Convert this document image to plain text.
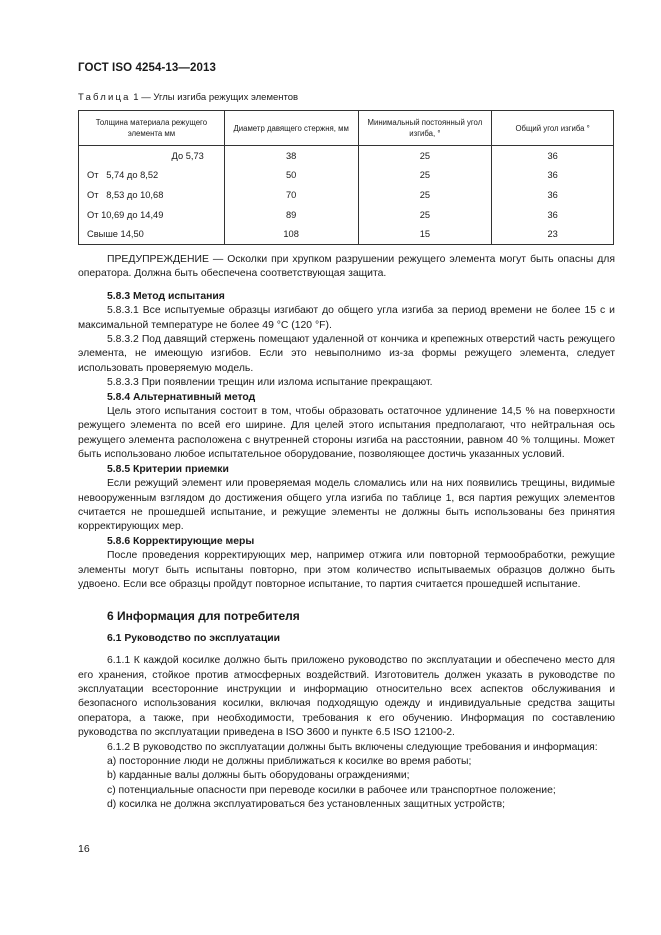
ГОСТ ISO 4254-13—2013
Таблица 1 — Углы изгиба режущих элементов
Толщина материала режущего элемента мм	Диаметр давящего стержня, мм	Минимальный постоянный угол изгиба, °	Общий угол изгиба °
До 5,73	38	25	36
От   5,74 до 8,52	50	25	36
От   8,53 до 10,68	70	25	36
От 10,69 до 14,49	89	25	36
Свыше 14,50	108	15	23

ПРЕДУПРЕЖДЕНИЕ — Осколки при хрупком разрушении режущего элемента могут быть опасны для оператора. Должна быть обеспечена соответствующая защита.

5.8.3 Метод испытания

5.8.3.1 Все испытуемые образцы изгибают до общего угла изгиба за период времени не более 15 с и максимальной температуре не более 49 °С (120 °F).

5.8.3.2 Под давящий стержень помещают удаленной от кончика и крепежных отверстий часть режущего элемента, не имеющую изгибов. Если это невыполнимо из-за формы режущего элемента, следует использовать проверяемую модель.

5.8.3.3 При появлении трещин или излома испытание прекращают.

5.8.4 Альтернативный метод

Цель этого испытания состоит в том, чтобы образовать остаточное удлинение 14,5 % на поверхности режущего элемента по всей его ширине. Для целей этого испытания предполагают, что нейтральная ось режущего элемента расположена с внутренней стороны изгиба на расстоянии, равном 40 % толщины. Может быть использовано любое испытательное оборудование, позволяющее достичь указанных условий.

5.8.5 Критерии приемки

Если режущий элемент или проверяемая модель сломались или на них появились трещины, видимые невооруженным взглядом до достижения общего угла изгиба по таблице 1, вся партия режущих элементов считается не прошедшей испытание, и режущие элементы не должны быть использованы без принятия корректирующих мер.

5.8.6 Корректирующие меры

После проведения корректирующих мер, например отжига или повторной термообработки, режущие элементы могут быть испытаны повторно, при этом количество испытываемых образцов должно быть удвоено. Если все образцы пройдут повторное испытание, то партия считается прошедшей испытание.

6 Информация для потребителя

6.1 Руководство по эксплуатации

6.1.1 К каждой косилке должно быть приложено руководство по эксплуатации и обеспечено место для его хранения, стойкое против атмосферных воздействий. Изготовитель должен указать в руководстве по эксплуатации всесторонние инструкции и информацию относительно всех аспектов обслуживания и безопасного использования косилки, включая подходящую одежду и индивидуальные средства защиты оператора, а также, при необходимости, требования к его обучению. Информация по составлению руководства по эксплуатации приведена в ISO 3600 и пункте 6.5 ISO 12100-2.

6.1.2 В руководство по эксплуатации должны быть включены следующие требования и информация:

а) посторонние люди не должны приближаться к косилке во время работы;

b) карданные валы должны быть оборудованы ограждениями;

c) потенциальные опасности при переводе косилки в рабочее или транспортное положение;

d) косилка не должна эксплуатироваться без установленных защитных устройств;

16
